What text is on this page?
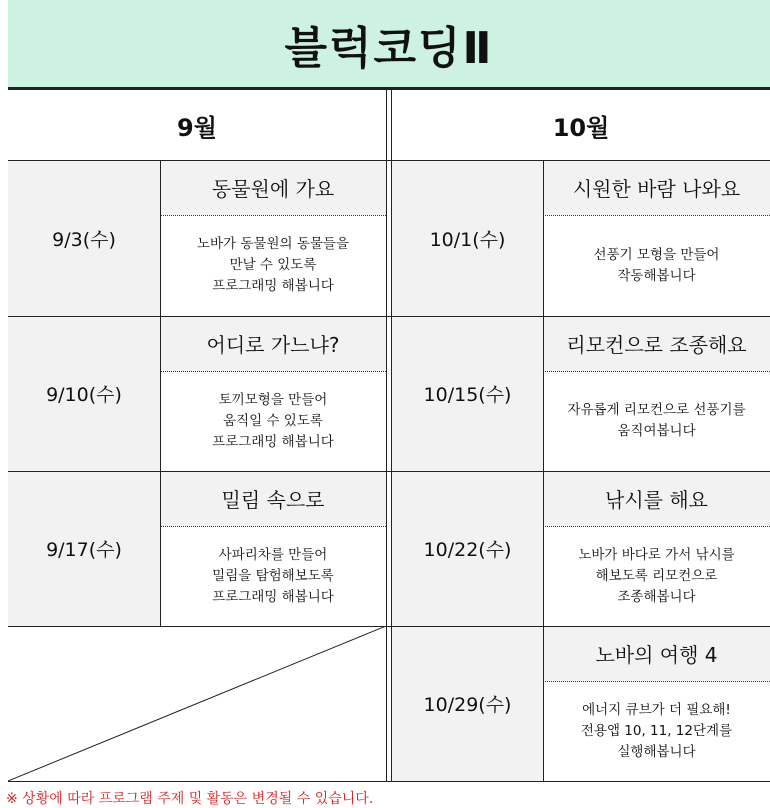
블럭코딩Ⅱ
9월	10월
9/3(수)
동물원에 가요
노바가 동물원의 동물들을
만날 수 있도록
프로그래밍 해봅니다
9/10(수)
어디로 가느냐?
토끼모형을 만들어
움직일 수 있도록
프로그래밍 해봅니다
9/17(수)
밀림 속으로
사파리차를 만들어
밀림을 탐험해보도록
프로그래밍 해봅니다
10/1(수)
시원한 바람 나와요
선풍기 모형을 만들어
작동해봅니다
10/15(수)
리모컨으로 조종해요
자유롭게 리모컨으로 선풍기를
움직여봅니다
10/22(수)
낚시를 해요
노바가 바다로 가서 낚시를
해보도록 리모컨으로
조종해봅니다
10/29(수)
노바의 여행 4
에너지 큐브가 더 필요해!
전용앱 10, 11, 12단계를
실행해봅니다
※ 상황에 따라 프로그램 주제 및 활동은 변경될 수 있습니다.
